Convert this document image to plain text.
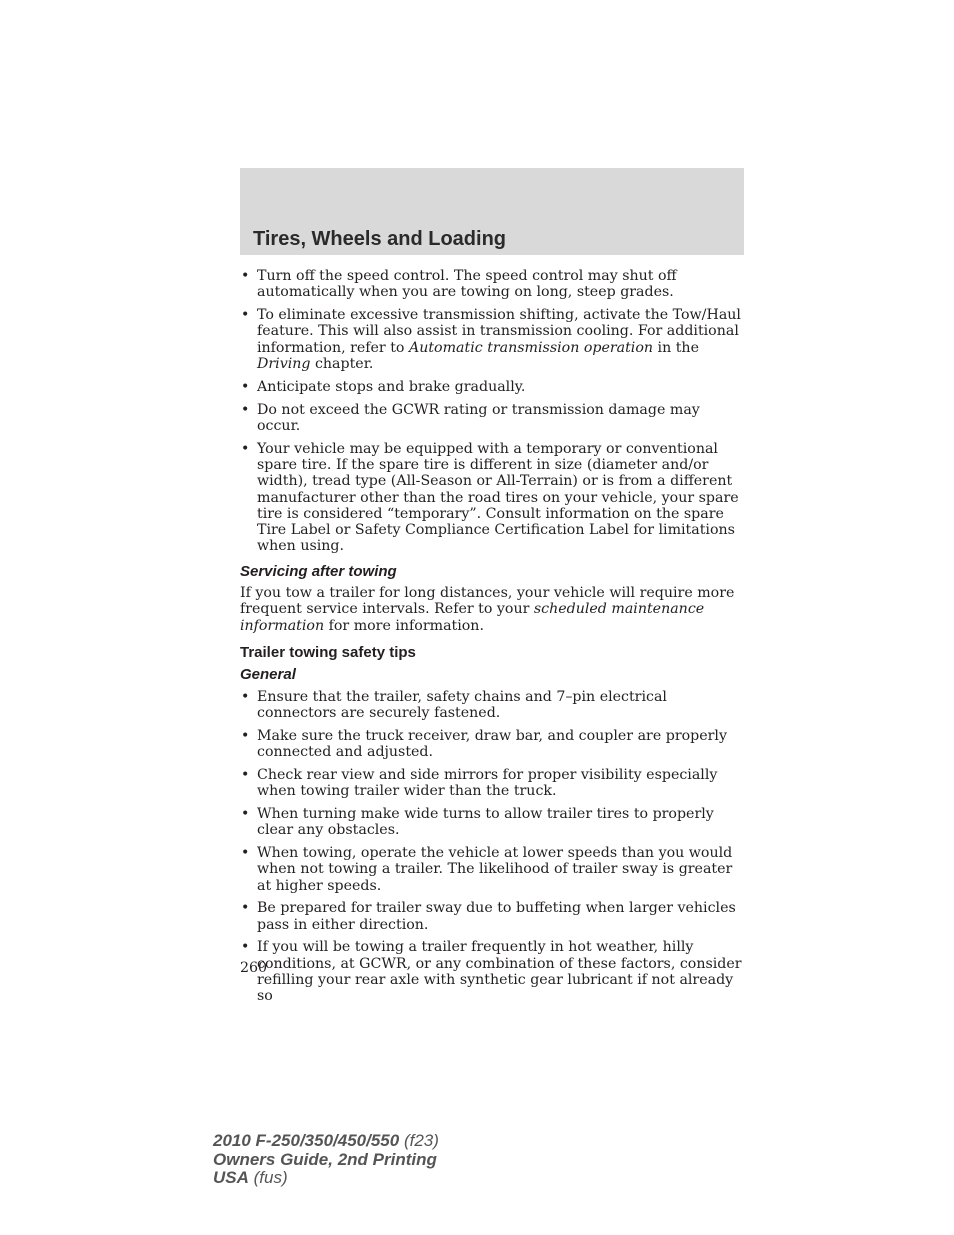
Tires, Wheels and Loading
• Turn off the speed control. The speed control may shut off automatically when you are towing on long, steep grades.
• To eliminate excessive transmission shifting, activate the Tow/Haul feature. This will also assist in transmission cooling. For additional information, refer to Automatic transmission operation in the Driving chapter.
• Anticipate stops and brake gradually.
• Do not exceed the GCWR rating or transmission damage may occur.
• Your vehicle may be equipped with a temporary or conventional spare tire. If the spare tire is different in size (diameter and/or width), tread type (All-Season or All-Terrain) or is from a different manufacturer other than the road tires on your vehicle, your spare tire is considered “temporary”. Consult information on the spare Tire Label or Safety Compliance Certification Label for limitations when using.
Servicing after towing

If you tow a trailer for long distances, your vehicle will require more frequent service intervals. Refer to your scheduled maintenance information for more information.

Trailer towing safety tips
General
• Ensure that the trailer, safety chains and 7–pin electrical connectors are securely fastened.
• Make sure the truck receiver, draw bar, and coupler are properly connected and adjusted.
• Check rear view and side mirrors for proper visibility especially when towing trailer wider than the truck.
• When turning make wide turns to allow trailer tires to properly clear any obstacles.
• When towing, operate the vehicle at lower speeds than you would when not towing a trailer. The likelihood of trailer sway is greater at higher speeds.
• Be prepared for trailer sway due to buffeting when larger vehicles pass in either direction.
• If you will be towing a trailer frequently in hot weather, hilly conditions, at GCWR, or any combination of these factors, consider refilling your rear axle with synthetic gear lubricant if not already so
260
2010 F-250/350/450/550 (f23)
Owners Guide, 2nd Printing
USA (fus)
